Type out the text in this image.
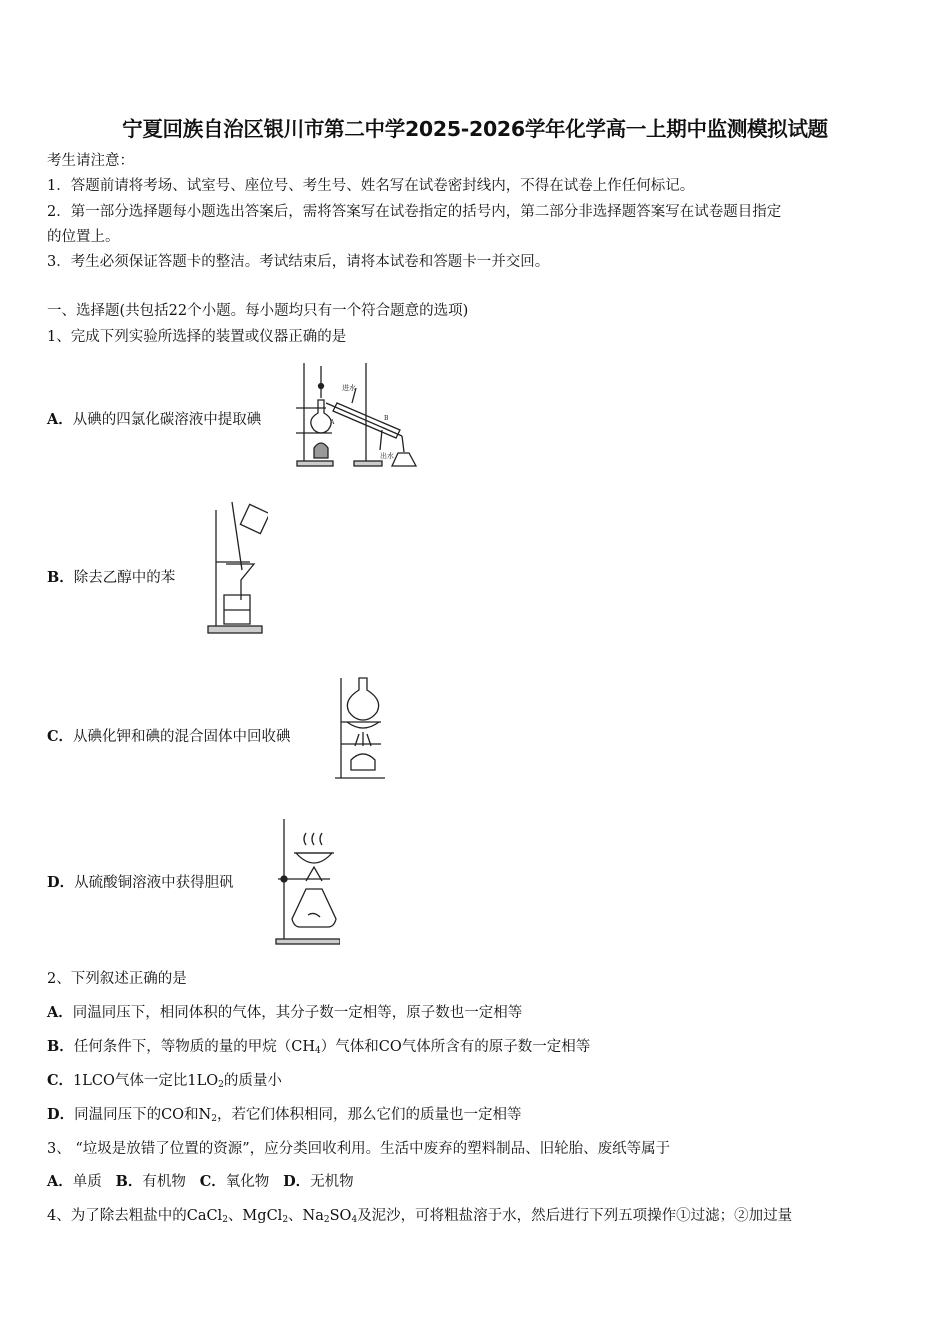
宁夏回族自治区银川市第二中学2025-2026学年化学高一上期中监测模拟试题
考生请注意：
1．答题前请将考场、试室号、座位号、考生号、姓名写在试卷密封线内，不得在试卷上作任何标记。
2．第一部分选择题每小题选出答案后，需将答案写在试卷指定的括号内，第二部分非选择题答案写在试卷题目指定
的位置上。
3．考生必须保证答题卡的整洁。考试结束后，请将本试卷和答题卡一并交回。
一、选择题(共包括22个小题。每小题均只有一个符合题意的选项)
1、完成下列实验所选择的装置或仪器正确的是
A．从碘的四氯化碳溶液中提取碘
B．除去乙醇中的苯
C．从碘化钾和碘的混合固体中回收碘
D．从硫酸铜溶液中获得胆矾
进水
出水
A
B
2、下列叙述正确的是
A．同温同压下，相同体积的气体，其分子数一定相等，原子数也一定相等
B．任何条件下，等物质的量的甲烷$(CH_4)$气体和CO气体所含有的原子数一定相等
C．1LCO气体一定比$1LO_2$的质量小
D．同温同压下的CO和$N_2$，若它们体积相同，那么它们的质量也一定相等
3、 “垃圾是放错了位置的资源”，应分类回收利用。生活中废弃的塑料制品、旧轮胎、废纸等属于
A．单质 B．有机物 C．氧化物 D．无机物
4、为了除去粗盐中的CaCl$_2$、MgCl$_2$、$Na_2SO_4$及泥沙，可将粗盐溶于水，然后进行下列五项操作①过滤；②加过量
